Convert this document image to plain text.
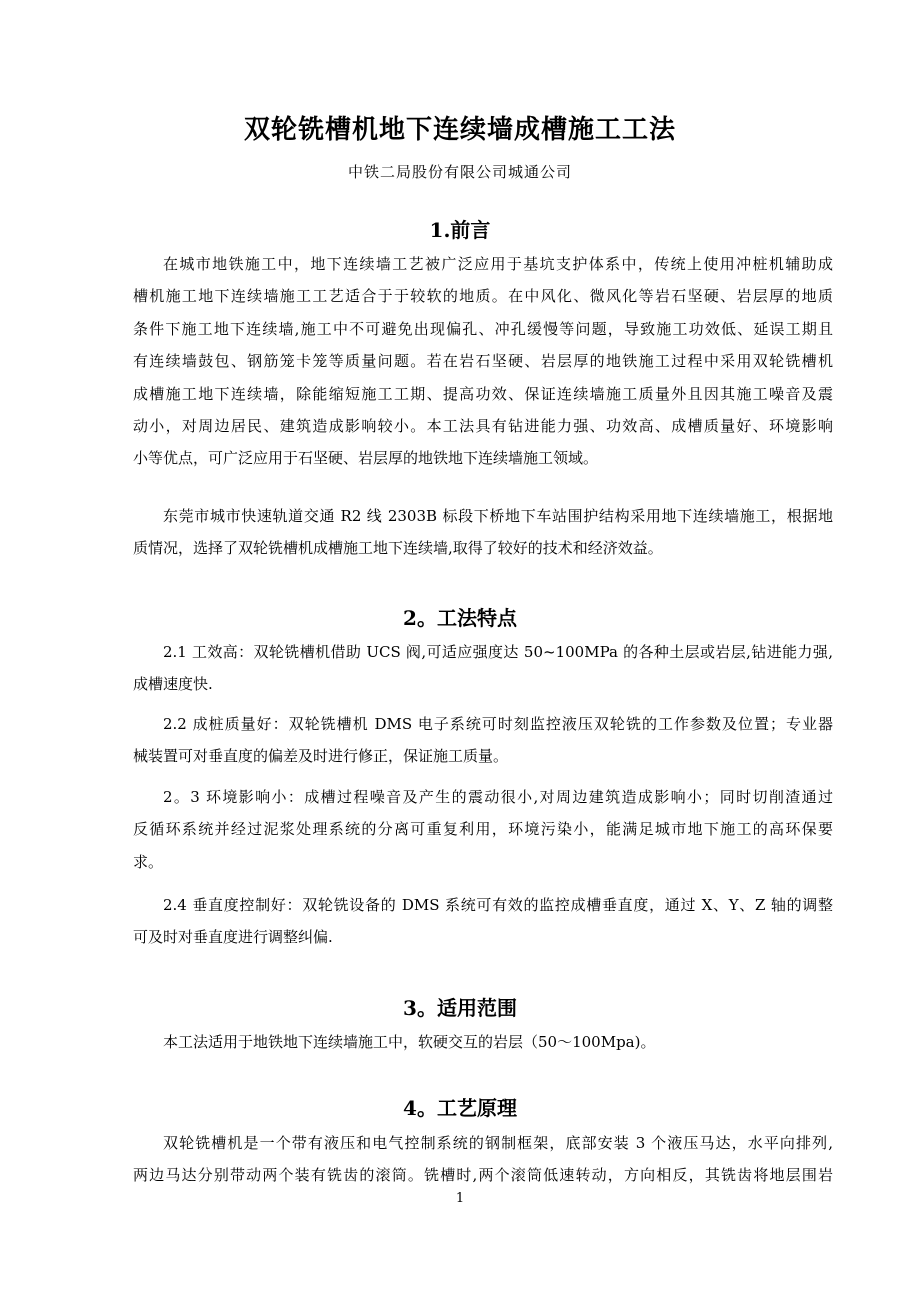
双轮铣槽机地下连续墙成槽施工工法
中铁二局股份有限公司城通公司
1.前言
在城市地铁施工中，地下连续墙工艺被广泛应用于基坑支护体系中，传统上使用冲桩机辅助成
槽机施工地下连续墙施工工艺适合于于较软的地质。在中风化、微风化等岩石坚硬、岩层厚的地质
条件下施工地下连续墙,施工中不可避免出现偏孔、冲孔缓慢等问题，导致施工功效低、延误工期且
有连续墙鼓包、钢筋笼卡笼等质量问题。若在岩石坚硬、岩层厚的地铁施工过程中采用双轮铣槽机
成槽施工地下连续墙，除能缩短施工工期、提高功效、保证连续墙施工质量外且因其施工噪音及震
动小，对周边居民、建筑造成影响较小。本工法具有钻进能力强、功效高、成槽质量好、环境影响
小等优点，可广泛应用于石坚硬、岩层厚的地铁地下连续墙施工领域。
东莞市城市快速轨道交通 R2 线 2303B 标段下桥地下车站围护结构采用地下连续墙施工，根据地
质情况，选择了双轮铣槽机成槽施工地下连续墙,取得了较好的技术和经济效益。
2。工法特点
2.1 工效高：双轮铣槽机借助 UCS 阀,可适应强度达 50~100MPa 的各种土层或岩层,钻进能力强,
成槽速度快.
2.2 成桩质量好：双轮铣槽机 DMS 电子系统可时刻监控液压双轮铣的工作参数及位置；专业器
械装置可对垂直度的偏差及时进行修正，保证施工质量。
2。3 环境影响小：成槽过程噪音及产生的震动很小,对周边建筑造成影响小；同时切削渣通过
反循环系统并经过泥浆处理系统的分离可重复利用，环境污染小，能满足城市地下施工的高环保要
求。
2.4 垂直度控制好：双轮铣设备的 DMS 系统可有效的监控成槽垂直度，通过 X、Y、Z 轴的调整
可及时对垂直度进行调整纠偏.
3。适用范围
本工法适用于地铁地下连续墙施工中，软硬交互的岩层（50～100Mpa)。
4。工艺原理
双轮铣槽机是一个带有液压和电气控制系统的钢制框架，底部安装 3 个液压马达，水平向排列,
两边马达分别带动两个装有铣齿的滚筒。铣槽时,两个滚筒低速转动，方向相反，其铣齿将地层围岩
1
